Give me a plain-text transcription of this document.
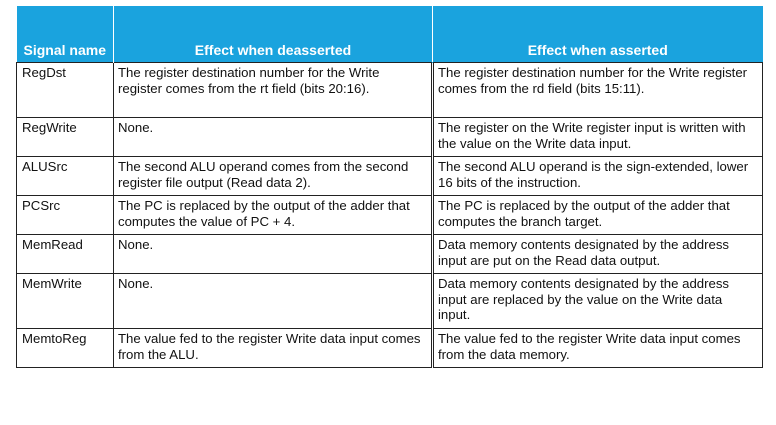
Signal name	Effect when deasserted	Effect when asserted
RegDst	The register destination number for the Write register comes from the rt field (bits 20:16).	The register destination number for the Write register comes from the rd field (bits 15:11).
RegWrite	None.	The register on the Write register input is written with the value on the Write data input.
ALUSrc	The second ALU operand comes from the second register file output (Read data 2).	The second ALU operand is the sign-extended, lower 16 bits of the instruction.
PCSrc	The PC is replaced by the output of the adder that computes the value of PC + 4.	The PC is replaced by the output of the adder that computes the branch target.
MemRead	None.	Data memory contents designated by the address input are put on the Read data output.
MemWrite	None.	Data memory contents designated by the address input are replaced by the value on the Write data input.
MemtoReg	The value fed to the register Write data input comes from the ALU.	The value fed to the register Write data input comes from the data memory.
